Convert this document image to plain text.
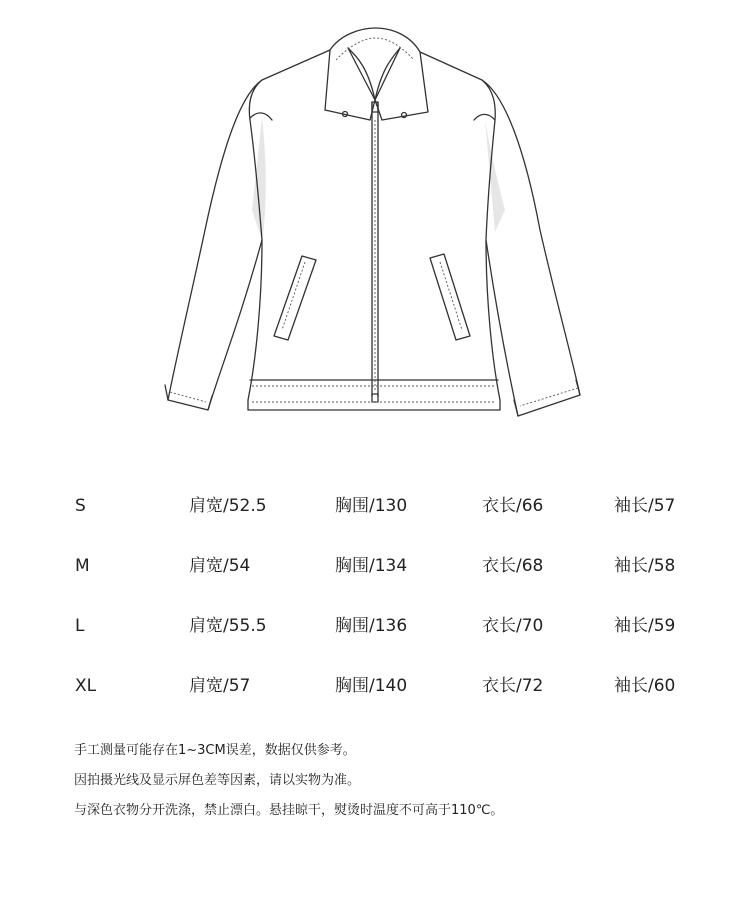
S	肩宽/52.5	胸围/130	衣长/66	袖长/57
M	肩宽/54	胸围/134	衣长/68	袖长/58
L	肩宽/55.5	胸围/136	衣长/70	袖长/59
XL	肩宽/57	胸围/140	衣长/72	袖长/60
手工测量可能存在1~3CM误差，数据仅供参考。
因拍摄光线及显示屏色差等因素，请以实物为准。
与深色衣物分开洗涤，禁止漂白。悬挂晾干，熨烫时温度不可高于110℃。
